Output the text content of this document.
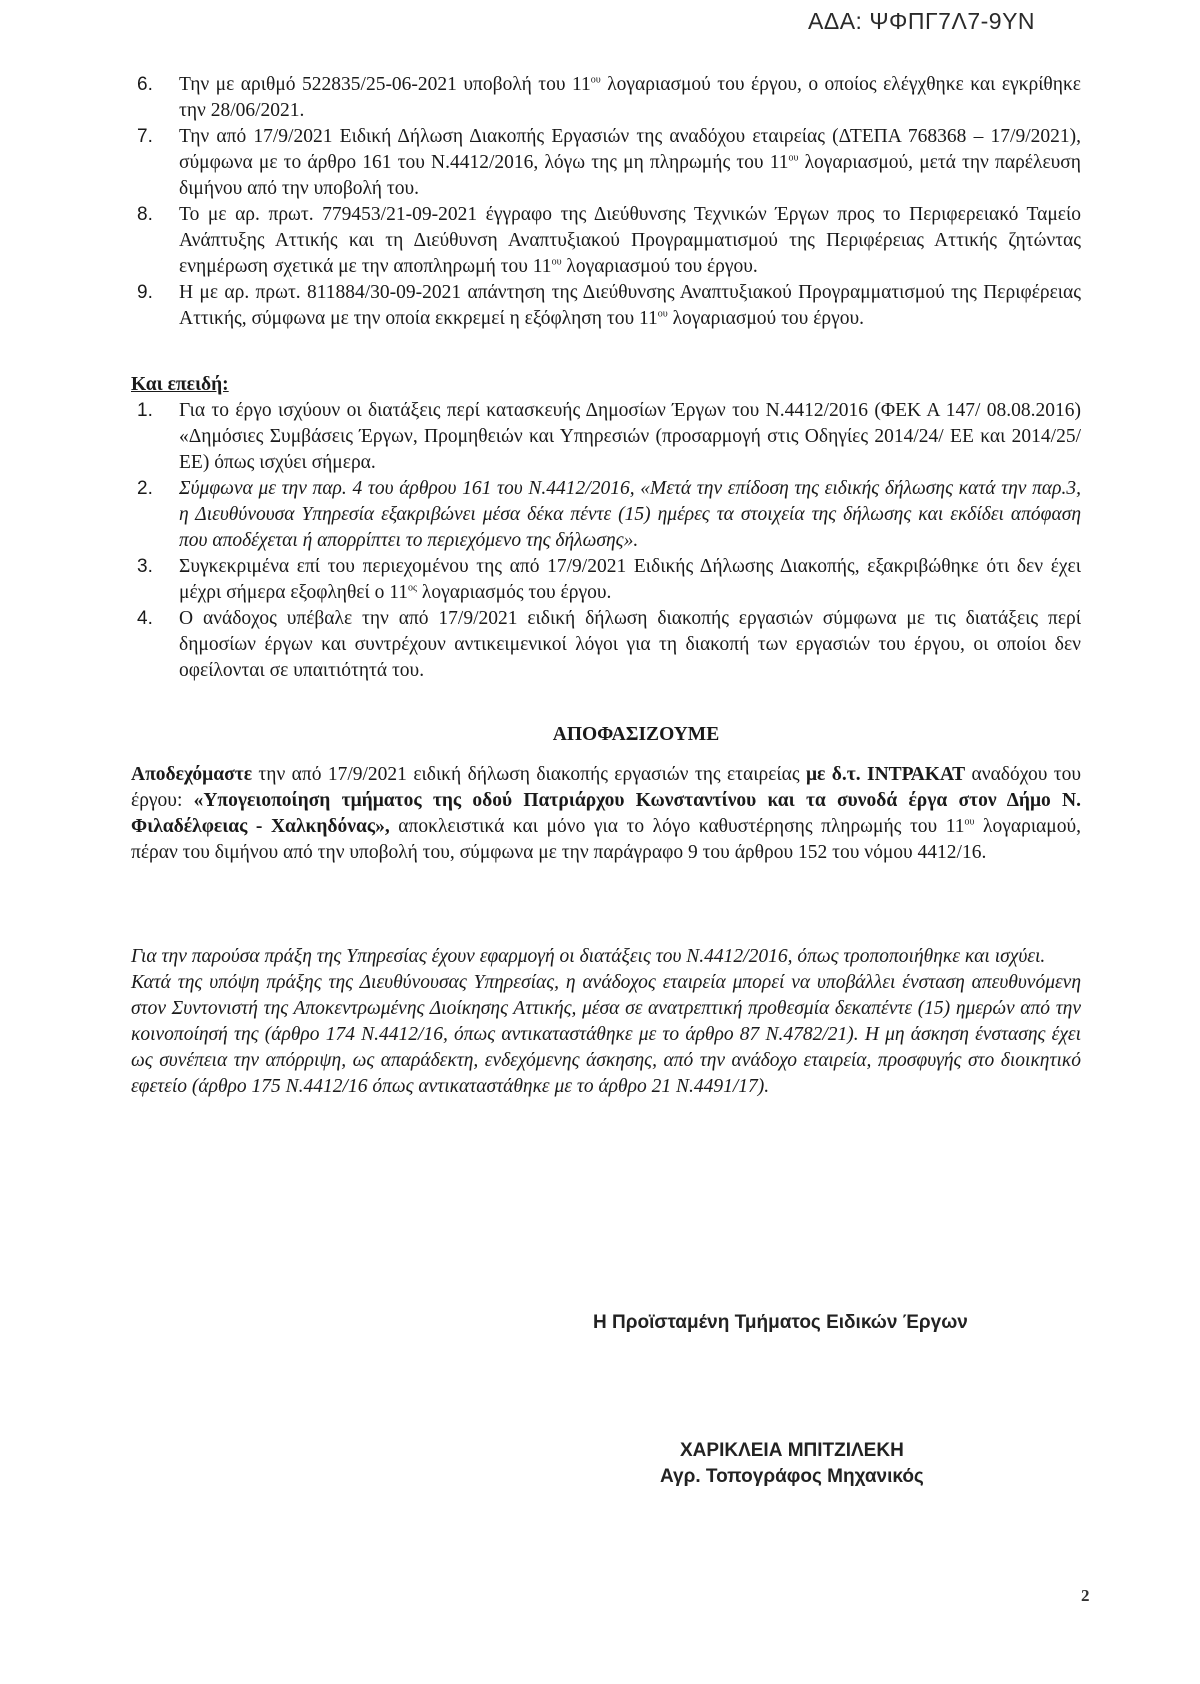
ΑΔΑ: ΨΦΠΓ7Λ7-9ΥΝ
6. Την με αριθμό 522835/25-06-2021 υποβολή του $11^{o\upsilon}$ λογαριασμού του έργου, ο οποίος ελέγχθηκε και εγκρίθηκε την 28/06/2021.
7. Την από 17/9/2021 Ειδική Δήλωση Διακοπής Εργασιών της αναδόχου εταιρείας (ΔΤΕΠΑ 768368 – 17/9/2021), σύμφωνα με το άρθρο 161 του Ν.4412/2016, λόγω της μη πληρωμής του $11^{o\upsilon}$ λογαριασμού, μετά την παρέλευση διμήνου από την υποβολή του.
8. Το με αρ. πρωτ. 779453/21-09-2021 έγγραφο της Διεύθυνσης Τεχνικών Έργων προς το Περιφερειακό Ταμείο Ανάπτυξης Αττικής και τη Διεύθυνση Αναπτυξιακού Προγραμματισμού της Περιφέρειας Αττικής ζητώντας ενημέρωση σχετικά με την αποπληρωμή του $11^{o\upsilon}$ λογαριασμού του έργου.
9. Η με αρ. πρωτ. 811884/30-09-2021 απάντηση της Διεύθυνσης Αναπτυξιακού Προγραμματισμού της Περιφέρειας Αττικής, σύμφωνα με την οποία εκκρεμεί η εξόφληση του $11^{o\upsilon}$ λογαριασμού του έργου.
Και επειδή:
1. Για το έργο ισχύουν οι διατάξεις περί κατασκευής Δημοσίων Έργων του Ν.4412/2016 (ΦΕΚ Α 147/ 08.08.2016) «Δημόσιες Συμβάσεις Έργων, Προμηθειών και Υπηρεσιών (προσαρμογή στις Οδηγίες 2014/24/ ΕΕ και 2014/25/ΕΕ) όπως ισχύει σήμερα.
2. Σύμφωνα με την παρ. 4 του άρθρου 161 του Ν.4412/2016, «Μετά την επίδοση της ειδικής δήλωσης κατά την παρ.3, η Διευθύνουσα Υπηρεσία εξακριβώνει μέσα δέκα πέντε (15) ημέρες τα στοιχεία της δήλωσης και εκδίδει απόφαση που αποδέχεται ή απορρίπτει το περιεχόμενο της δήλωσης».
3. Συγκεκριμένα επί του περιεχομένου της από 17/9/2021 Ειδικής Δήλωσης Διακοπής, εξακριβώθηκε ότι δεν έχει μέχρι σήμερα εξοφληθεί ο $11^{o\varsigma}$ λογαριασμός του έργου.
4. Ο ανάδοχος υπέβαλε την από 17/9/2021 ειδική δήλωση διακοπής εργασιών σύμφωνα με τις διατάξεις περί δημοσίων έργων και συντρέχουν αντικειμενικοί λόγοι για τη διακοπή των εργασιών του έργου, οι οποίοι δεν οφείλονται σε υπαιτιότητά του.
ΑΠΟΦΑΣΙΖΟΥΜΕ

Αποδεχόμαστε την από 17/9/2021 ειδική δήλωση διακοπής εργασιών της εταιρείας με δ.τ. ΙΝΤΡΑΚΑΤ αναδόχου του έργου: «Υπογειοποίηση τμήματος της οδού Πατριάρχου Κωνσταντίνου και τα συνοδά έργα στον Δήμο Ν. Φιλαδέλφειας - Χαλκηδόνας», αποκλειστικά και μόνο για το λόγο καθυστέρησης πληρωμής του $11^{o\upsilon}$ λογαριαμού, πέραν του διμήνου από την υποβολή του, σύμφωνα με την παράγραφο 9 του άρθρου 152 του νόμου 4412/16.

Για την παρούσα πράξη της Υπηρεσίας έχουν εφαρμογή οι διατάξεις του Ν.4412/2016, όπως τροποποιήθηκε και ισχύει.

Κατά της υπόψη πράξης της Διευθύνουσας Υπηρεσίας, η ανάδοχος εταιρεία μπορεί να υποβάλλει ένσταση απευθυνόμενη στον Συντονιστή της Αποκεντρωμένης Διοίκησης Αττικής, μέσα σε ανατρεπτική προθεσμία δεκαπέντε (15) ημερών από την κοινοποίησή της (άρθρο 174 Ν.4412/16, όπως αντικαταστάθηκε με το άρθρο 87 Ν.4782/21). Η μη άσκηση ένστασης έχει ως συνέπεια την απόρριψη, ως απαράδεκτη, ενδεχόμενης άσκησης, από την ανάδοχο εταιρεία, προσφυγής στο διοικητικό εφετείο (άρθρο 175 Ν.4412/16 όπως αντικαταστάθηκε με το άρθρο 21 Ν.4491/17).

Η Προϊσταμένη Τμήματος Ειδικών Έργων
ΧΑΡΙΚΛΕΙΑ ΜΠΙΤΖΙΛΕΚΗ
Αγρ. Τοπογράφος Μηχανικός
2
